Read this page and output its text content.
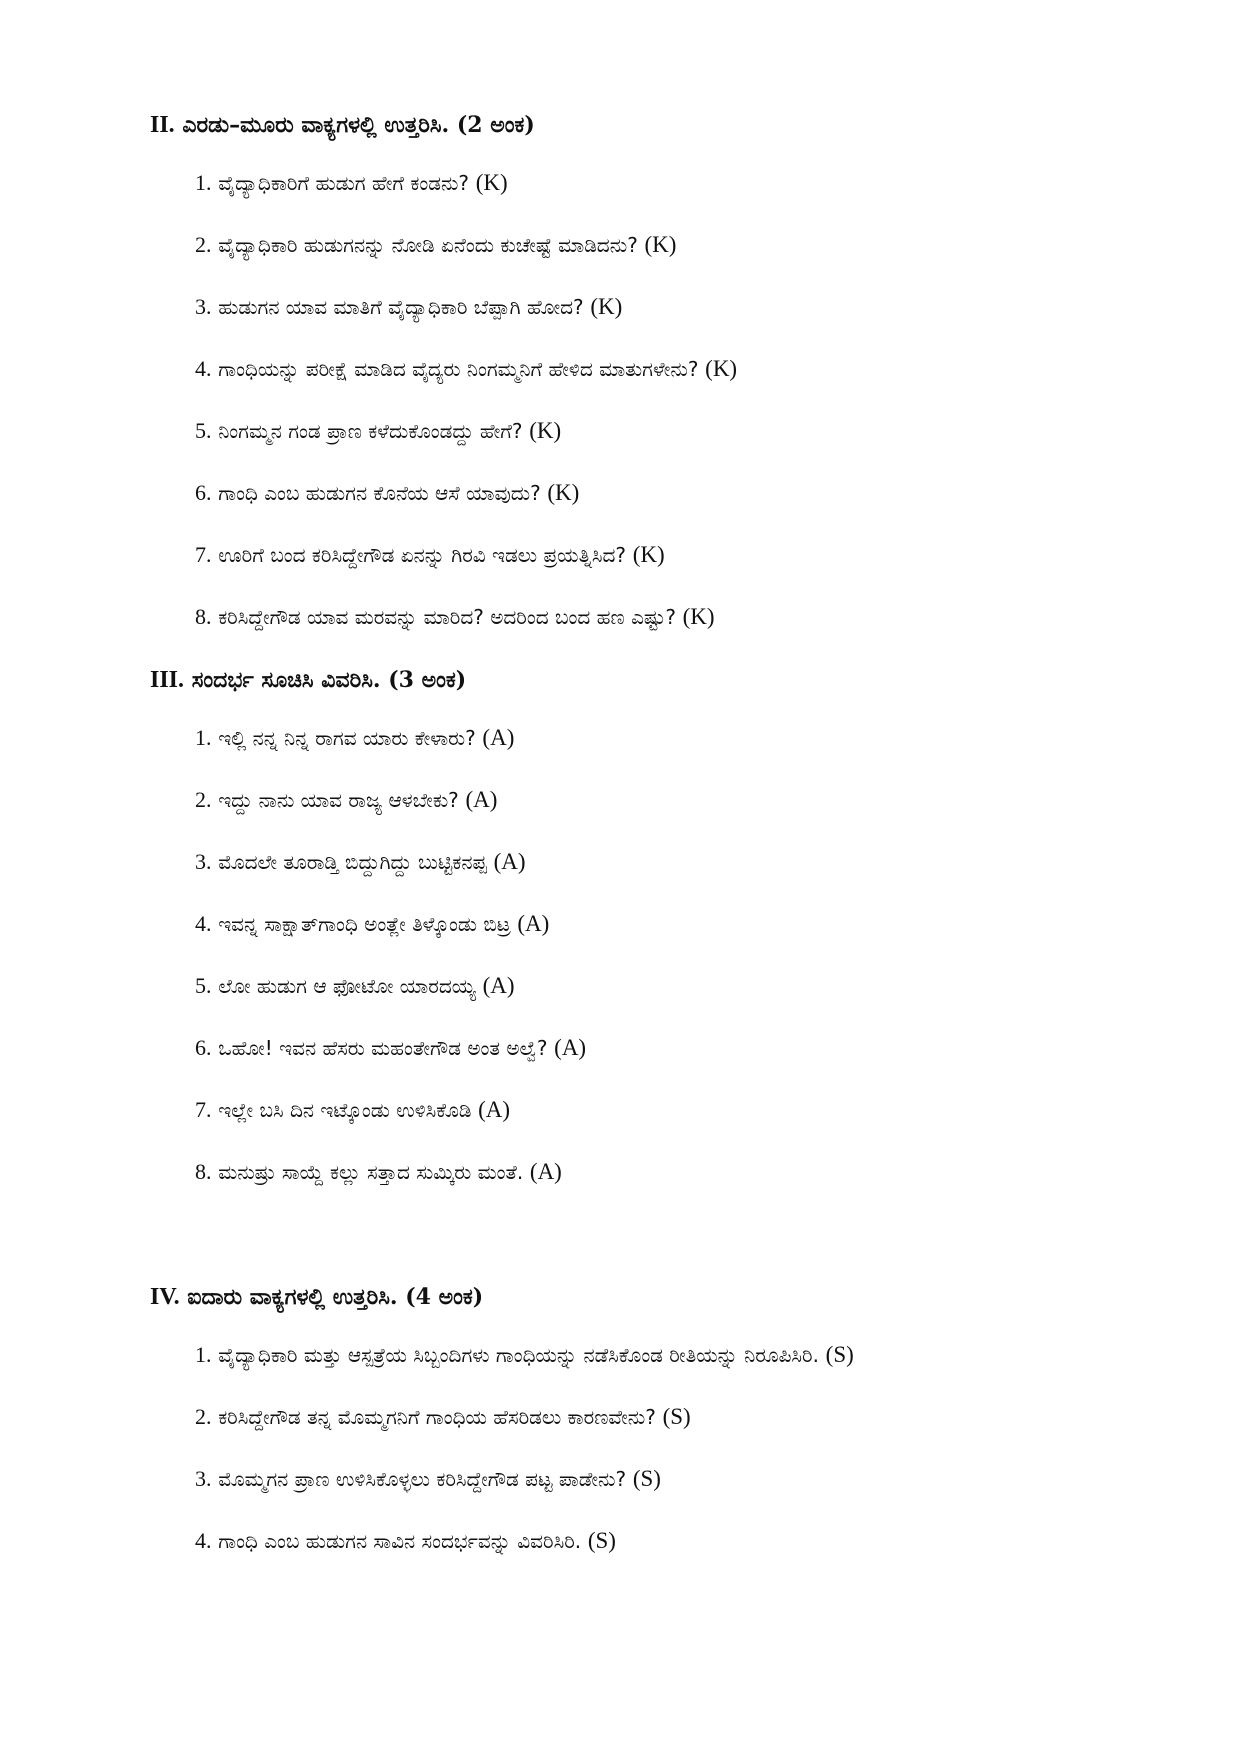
II. ಎರಡು–ಮೂರು ವಾಕ್ಯಗಳಲ್ಲಿ ಉತ್ತರಿಸಿ. (2 ಅಂಕ)
1. ವೈದ್ಯಾಧಿಕಾರಿಗೆ ಹುಡುಗ ಹೇಗೆ ಕಂಡನು? (K)
2. ವೈದ್ಯಾಧಿಕಾರಿ ಹುಡುಗನನ್ನು ನೋಡಿ ಏನೆಂದು ಕುಚೇಷ್ಟೆ ಮಾಡಿದನು? (K)
3. ಹುಡುಗನ ಯಾವ ಮಾತಿಗೆ ವೈದ್ಯಾಧಿಕಾರಿ ಬೆಪ್ಪಾಗಿ ಹೋದ? (K)
4. ಗಾಂಧಿಯನ್ನು ಪರೀಕ್ಷೆ ಮಾಡಿದ ವೈದ್ಯರು ನಿಂಗಮ್ಮನಿಗೆ ಹೇಳಿದ ಮಾತುಗಳೇನು? (K)
5. ನಿಂಗಮ್ಮನ ಗಂಡ ಪ್ರಾಣ ಕಳೆದುಕೊಂಡದ್ದು ಹೇಗೆ? (K)
6. ಗಾಂಧಿ ಎಂಬ ಹುಡುಗನ ಕೊನೆಯ ಆಸೆ ಯಾವುದು? (K)
7. ಊರಿಗೆ ಬಂದ ಕರಿಸಿದ್ದೇಗೌಡ ಏನನ್ನು ಗಿರವಿ ಇಡಲು ಪ್ರಯತ್ನಿಸಿದ? (K)
8. ಕರಿಸಿದ್ದೇಗೌಡ ಯಾವ ಮರವನ್ನು ಮಾರಿದ? ಅದರಿಂದ ಬಂದ ಹಣ ಎಷ್ಟು? (K)
III. ಸಂದರ್ಭ ಸೂಚಿಸಿ ವಿವರಿಸಿ. (3 ಅಂಕ)
1. ಇಲ್ಲಿ ನನ್ನ ನಿನ್ನ ರಾಗವ ಯಾರು ಕೇಳಾರು? (A)
2. ಇದ್ದು ನಾನು ಯಾವ ರಾಜ್ಯ ಆಳಬೇಕು? (A)
3. ಮೊದಲೇ ತೂರಾಡ್ತಿ ಬಿದ್ದುಗಿದ್ದು ಬುಟ್ಟಿಕನಪ್ಪ (A)
4. ಇವನ್ನ ಸಾಕ್ಷಾತ್‌ಗಾಂಧಿ ಅಂತ್ಲೇ ತಿಳ್ಕೊಂಡು ಬಿಟ್ರ (A)
5. ಲೋ ಹುಡುಗ ಆ ಫೋಟೋ ಯಾರದಯ್ಯ (A)
6. ಒಹೋ! ಇವನ ಹೆಸರು ಮಹಂತೇಗೌಡ ಅಂತ ಅಲ್ವೆ? (A)
7. ಇಲ್ಲೇ ಬಸಿ ದಿನ ಇಟ್ಕೊಂಡು ಉಳಿಸಿಕೊಡಿ (A)
8. ಮನುಷ್ರು ಸಾಯ್ದೆ ಕಲ್ಲು ಸತ್ತಾದ ಸುಮ್ಕಿರು ಮಂತೆ. (A)
IV. ಐದಾರು ವಾಕ್ಯಗಳಲ್ಲಿ ಉತ್ತರಿಸಿ. (4 ಅಂಕ)
1. ವೈದ್ಯಾಧಿಕಾರಿ ಮತ್ತು ಆಸ್ಪತ್ರೆಯ ಸಿಬ್ಬಂದಿಗಳು ಗಾಂಧಿಯನ್ನು ನಡೆಸಿಕೊಂಡ ರೀತಿಯನ್ನು ನಿರೂಪಿಸಿರಿ. (S)
2. ಕರಿಸಿದ್ದೇಗೌಡ ತನ್ನ ಮೊಮ್ಮಗನಿಗೆ ಗಾಂಧಿಯ ಹೆಸರಿಡಲು ಕಾರಣವೇನು? (S)
3. ಮೊಮ್ಮಗನ ಪ್ರಾಣ ಉಳಿಸಿಕೊಳ್ಳಲು ಕರಿಸಿದ್ದೇಗೌಡ ಪಟ್ಟ ಪಾಡೇನು? (S)
4. ಗಾಂಧಿ ಎಂಬ ಹುಡುಗನ ಸಾವಿನ ಸಂದರ್ಭವನ್ನು ವಿವರಿಸಿರಿ. (S)
